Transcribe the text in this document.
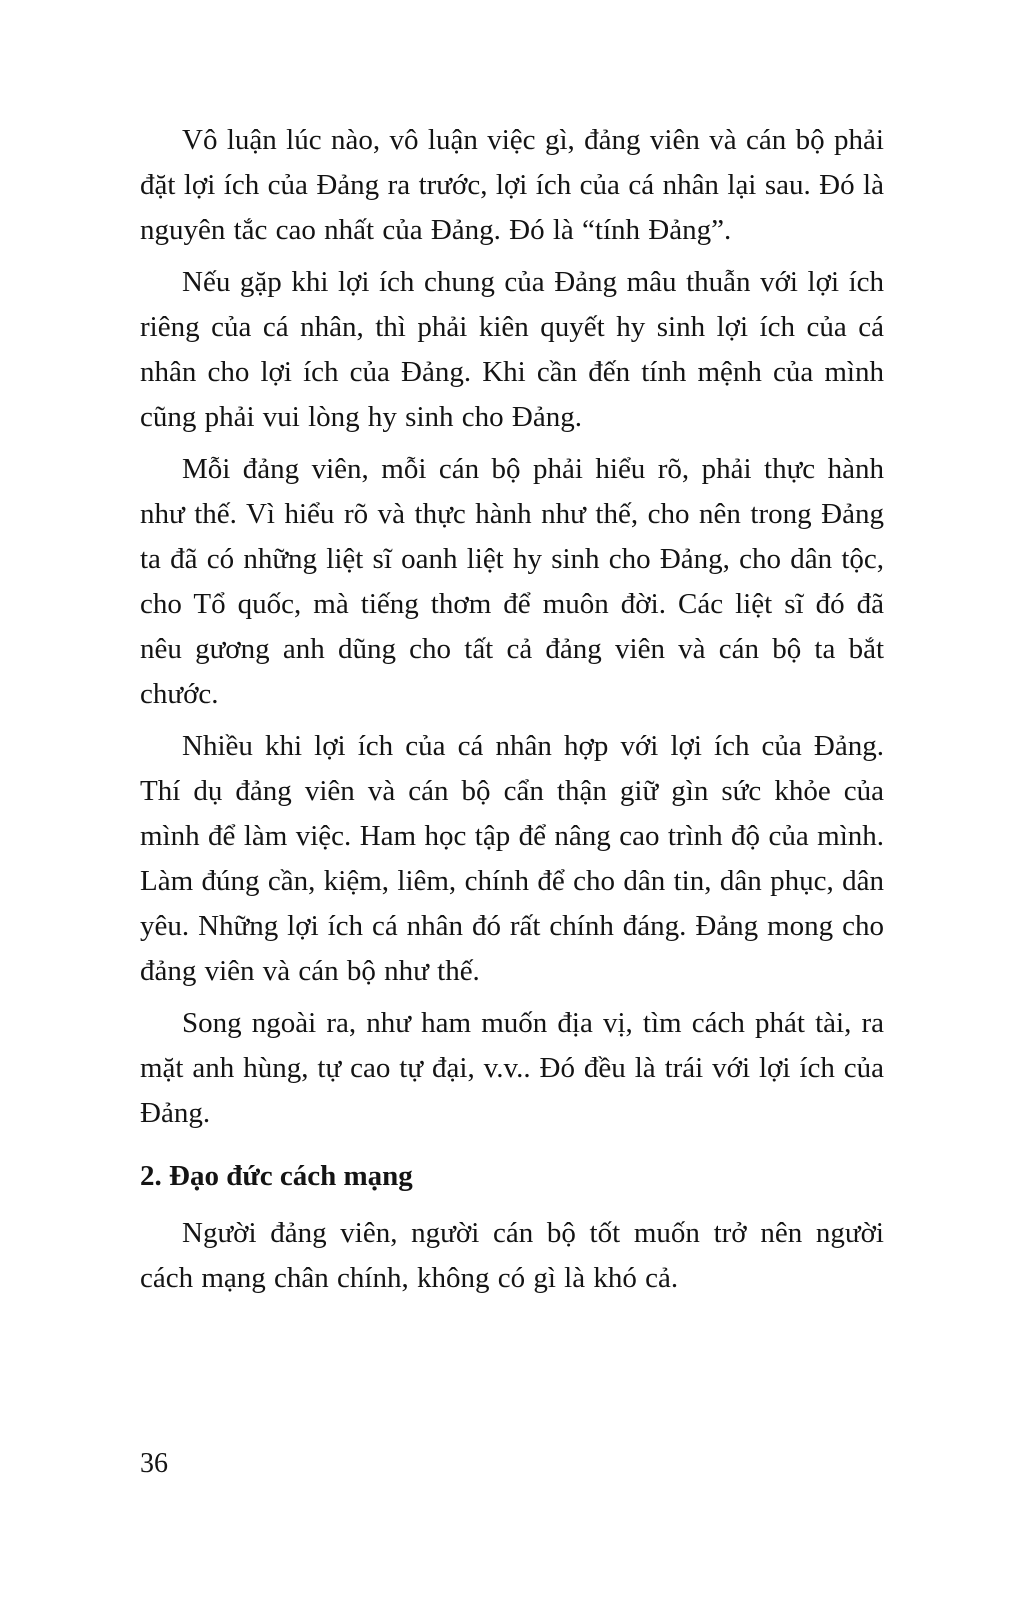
Vô luận lúc nào, vô luận việc gì, đảng viên và cán bộ phải đặt lợi ích của Đảng ra trước, lợi ích của cá nhân lại sau. Đó là nguyên tắc cao nhất của Đảng. Đó là “tính Đảng”.

Nếu gặp khi lợi ích chung của Đảng mâu thuẫn với lợi ích riêng của cá nhân, thì phải kiên quyết hy sinh lợi ích của cá nhân cho lợi ích của Đảng. Khi cần đến tính mệnh của mình cũng phải vui lòng hy sinh cho Đảng.

Mỗi đảng viên, mỗi cán bộ phải hiểu rõ, phải thực hành như thế. Vì hiểu rõ và thực hành như thế, cho nên trong Đảng ta đã có những liệt sĩ oanh liệt hy sinh cho Đảng, cho dân tộc, cho Tổ quốc, mà tiếng thơm để muôn đời. Các liệt sĩ đó đã nêu gương anh dũng cho tất cả đảng viên và cán bộ ta bắt chước.

Nhiều khi lợi ích của cá nhân hợp với lợi ích của Đảng. Thí dụ đảng viên và cán bộ cẩn thận giữ gìn sức khỏe của mình để làm việc. Ham học tập để nâng cao trình độ của mình. Làm đúng cần, kiệm, liêm, chính để cho dân tin, dân phục, dân yêu. Những lợi ích cá nhân đó rất chính đáng. Đảng mong cho đảng viên và cán bộ như thế.

Song ngoài ra, như ham muốn địa vị, tìm cách phát tài, ra mặt anh hùng, tự cao tự đại, v.v.. Đó đều là trái với lợi ích của Đảng.

2. Đạo đức cách mạng

Người đảng viên, người cán bộ tốt muốn trở nên người cách mạng chân chính, không có gì là khó cả.

36
